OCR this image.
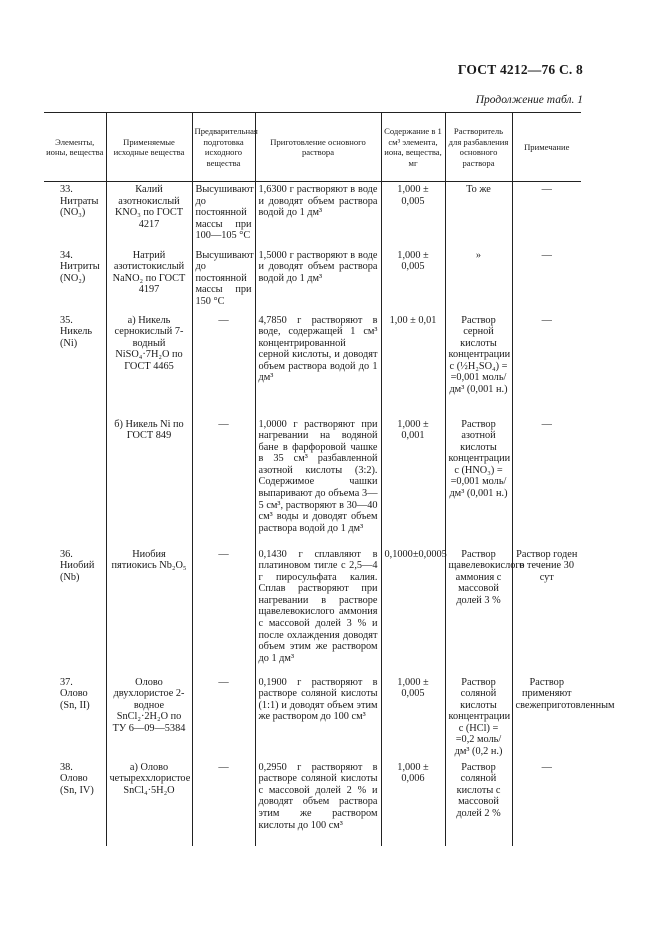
ГОСТ 4212—76 С. 8
Продолжение табл. 1
Элементы, ионы, вещества	Применяемые исходные вещества	Предварительная подготовка исходного вещества	Приготовление основного раствора	Содержание в 1 см³ элемента, иона, вещества, мг	Растворитель для разбавления основного раствора	Примечание
33. Нитраты (NO₃)	Калий азотнокислый KNO₃ по ГОСТ 4217	Высушивают до постоянной массы при 100—105 °С	1,6300 г растворяют в воде и доводят объем раствора водой до 1 дм³	1,000 ± 0,005	То же	—
34. Нитриты (NO₂)	Натрий азотистокислый NaNO₂ по ГОСТ 4197	Высушивают до постоянной массы при 150 °С	1,5000 г растворяют в воде и доводят объем раствора водой до 1 дм³	1,000 ± 0,005	»	—
35. Никель (Ni)	а) Никель сернокислый 7-водный NiSO₄·7H₂O по ГОСТ 4465	—	4,7850 г растворяют в воде, содержащей 1 см³ концентрированной серной кислоты, и доводят объем раствора водой до 1 дм³	1,00 ± 0,01	Раствор серной кислоты концентрации с (½H₂SO₄) = =0,001 моль/дм³ (0,001 н.)	—
	б) Никель Ni по ГОСТ 849	—	1,0000 г растворяют при нагревании на водяной бане в фарфоровой чашке в 35 см³ разбавленной азотной кислоты (3:2). Содержимое чашки выпаривают до объема 3—5 см³, растворяют в 30—40 см³ воды и доводят объем раствора водой до 1 дм³	1,000 ± 0,001	Раствор азотной кислоты концентрации с (HNO₃) = =0,001 моль/дм³ (0,001 н.)	—
36. Ниобий (Nb)	Ниобия пятиокись Nb₂O₅	—	0,1430 г сплавляют в платиновом тигле с 2,5—4 г пиросульфата калия. Сплав растворяют при нагревании в растворе щавелевокислого аммония с массовой долей 3 % и после охлаждения доводят объем этим же раствором до 1 дм³	0,1000±0,0005	Раствор щавелевокислого аммония с массовой долей 3 %	Раствор годен в течение 30 сут
37. Олово (Sn, II)	Олово двухлористое 2-водное SnCl₂·2H₂O по ТУ 6—09—5384	—	0,1900 г растворяют в растворе соляной кислоты (1:1) и доводят объем этим же раствором до 100 см³	1,000 ± 0,005	Раствор соляной кислоты концентрации с (HCl) = =0,2 моль/дм³ (0,2 н.)	Раствор применяют свежеприготовленным
38. Олово (Sn, IV)	а) Олово четыреххлористое SnCl₄·5H₂O	—	0,2950 г растворяют в растворе соляной кислоты с массовой долей 2 % и доводят объем раствора этим же раствором кислоты до 100 см³	1,000 ± 0,006	Раствор соляной кислоты с массовой долей 2 %	—
